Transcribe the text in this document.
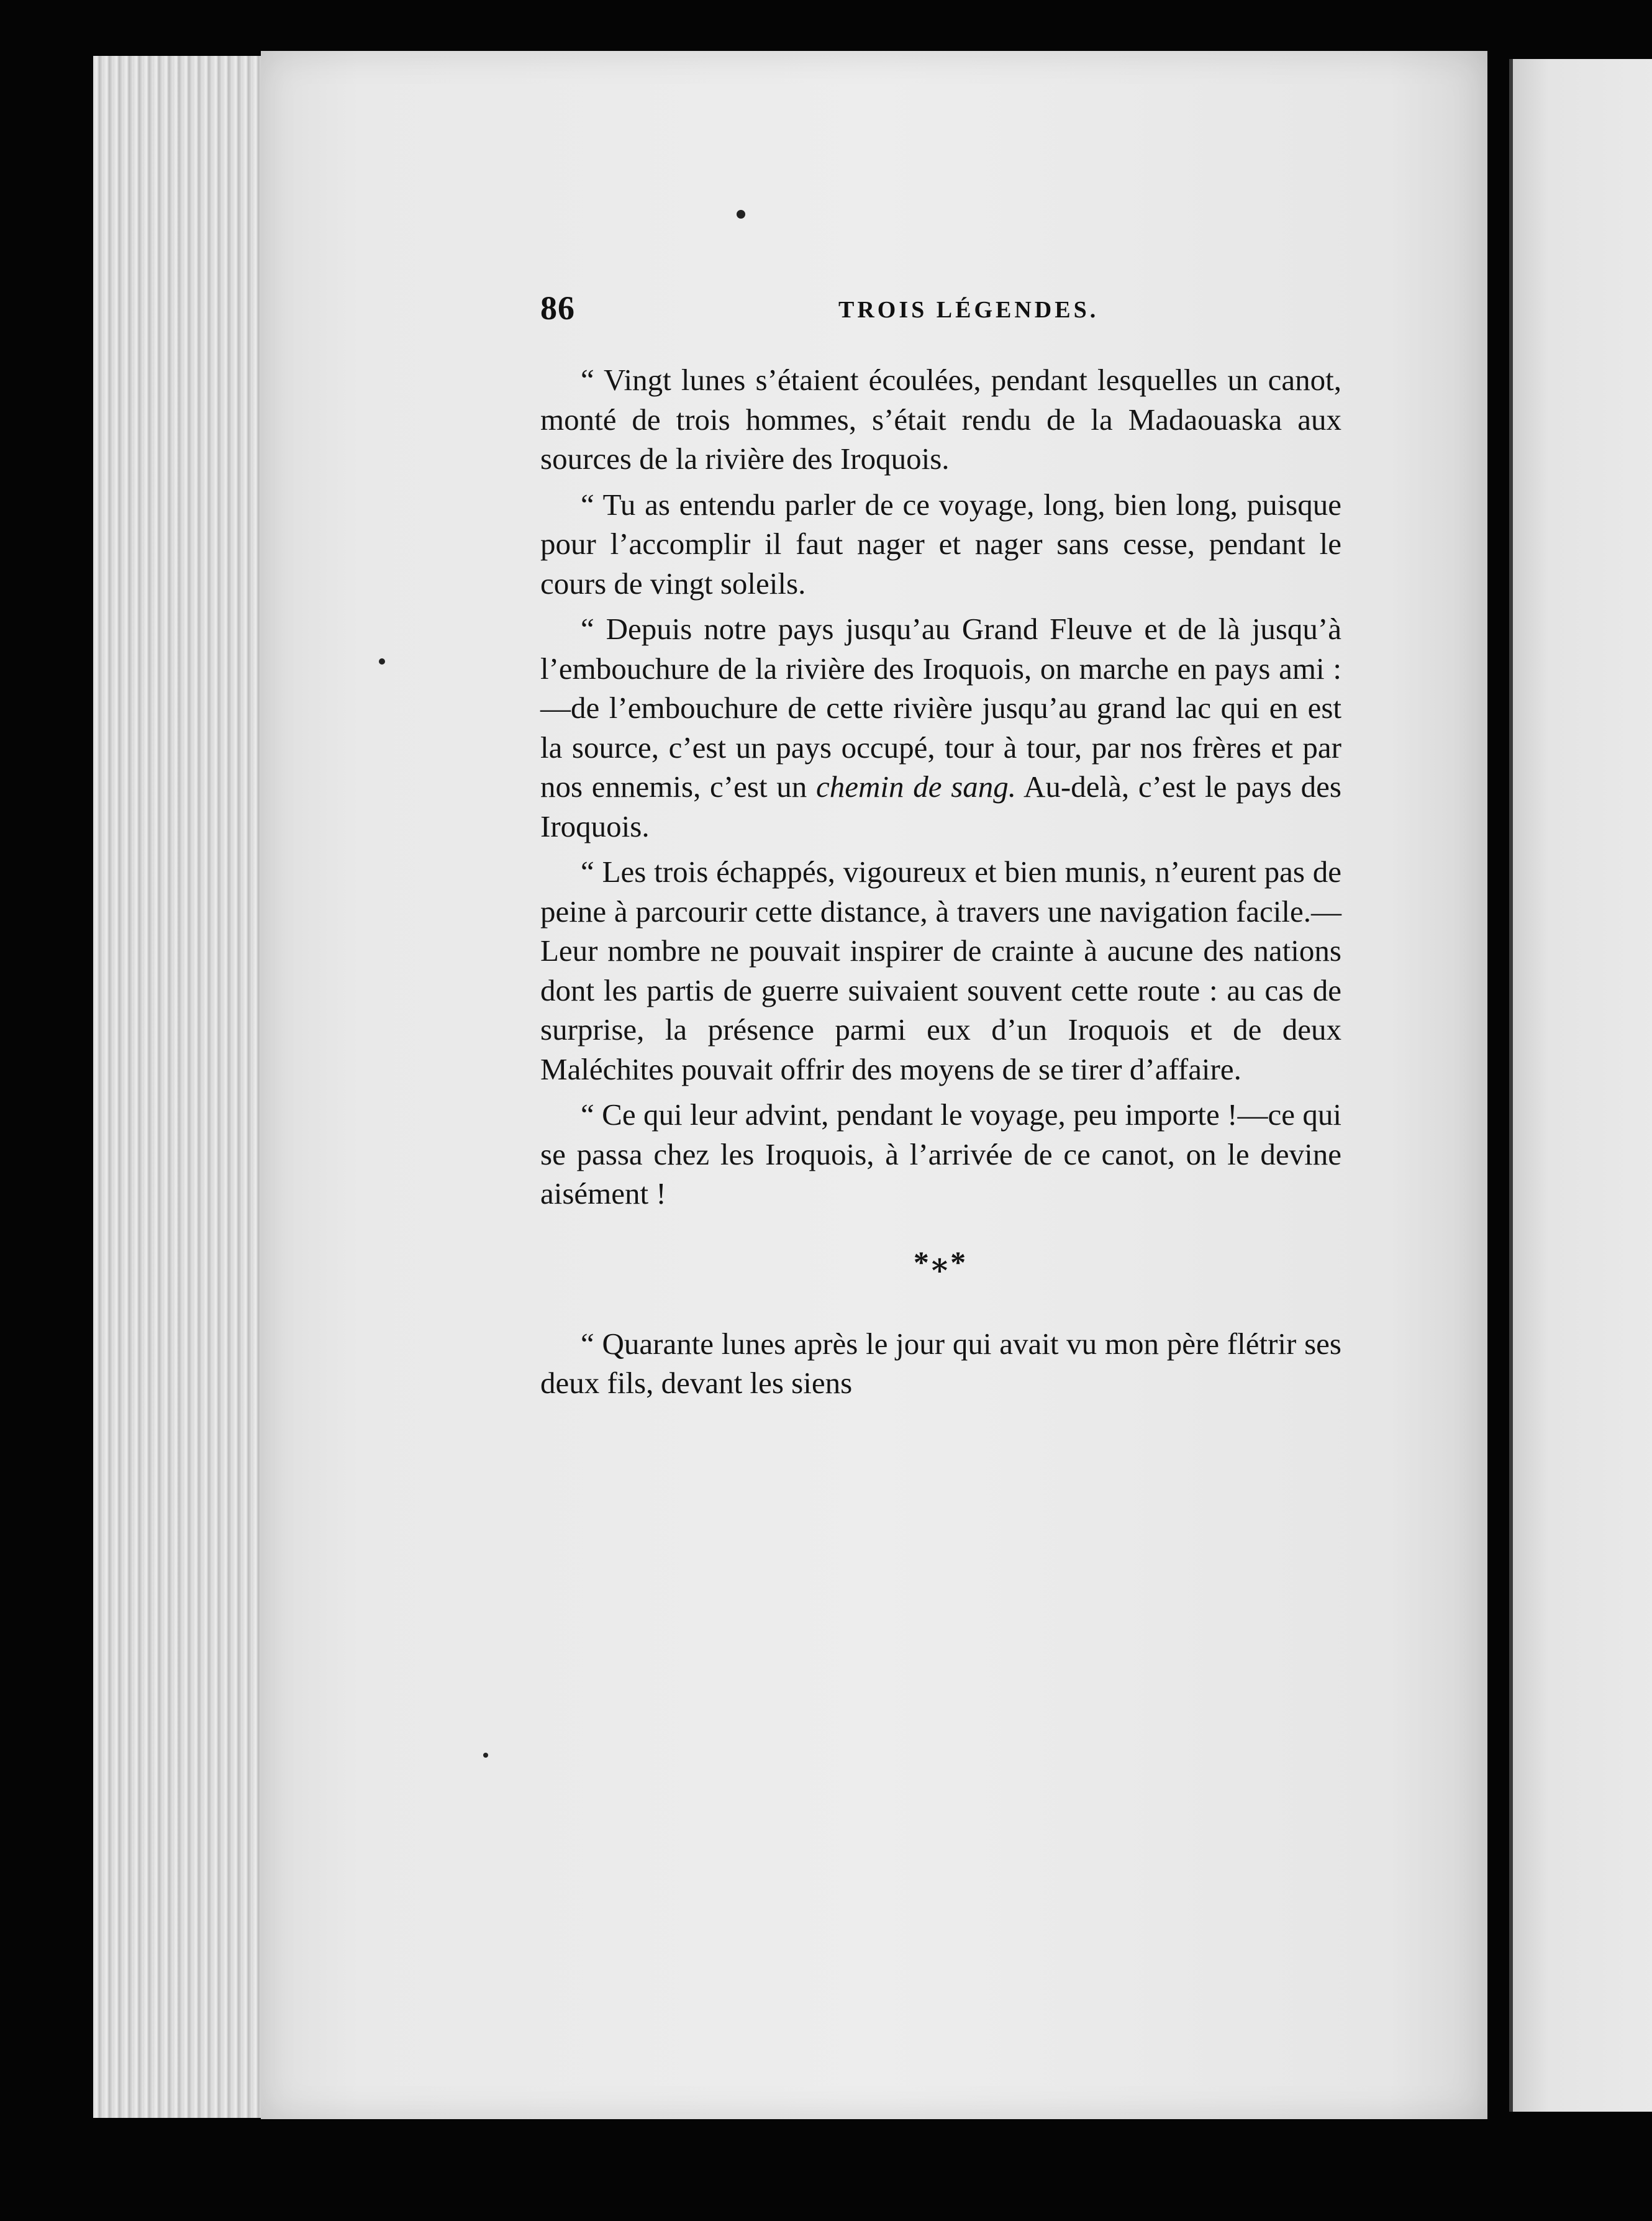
86	TROIS LÉGENDES.

“ Vingt lunes s’étaient écoulées, pendant lesquelles un canot, monté de trois hommes, s’était rendu de la Madaouaska aux sources de la rivière des Iroquois.

“ Tu as entendu parler de ce voyage, long, bien long, puisque pour l’accomplir il faut nager et nager sans cesse, pendant le cours de vingt soleils.

“ Depuis notre pays jusqu’au Grand Fleuve et de là jusqu’à l’embouchure de la rivière des Iroquois, on marche en pays ami :—de l’embouchure de cette rivière jusqu’au grand lac qui en est la source, c’est un pays occupé, tour à tour, par nos frères et par nos ennemis, c’est un chemin de sang. Au-delà, c’est le pays des Iroquois.

“ Les trois échappés, vigoureux et bien munis, n’eurent pas de peine à parcourir cette distance, à travers une navigation facile.—Leur nombre ne pouvait inspirer de crainte à aucune des nations dont les partis de guerre suivaient souvent cette route : au cas de surprise, la présence parmi eux d’un Iroquois et de deux Maléchites pouvait offrir des moyens de se tirer d’affaire.

“ Ce qui leur advint, pendant le voyage, peu importe !—ce qui se passa chez les Iroquois, à l’arrivée de ce canot, on le devine aisément !

*⁎*

“ Quarante lunes après le jour qui avait vu mon père flétrir ses deux fils, devant les siens
